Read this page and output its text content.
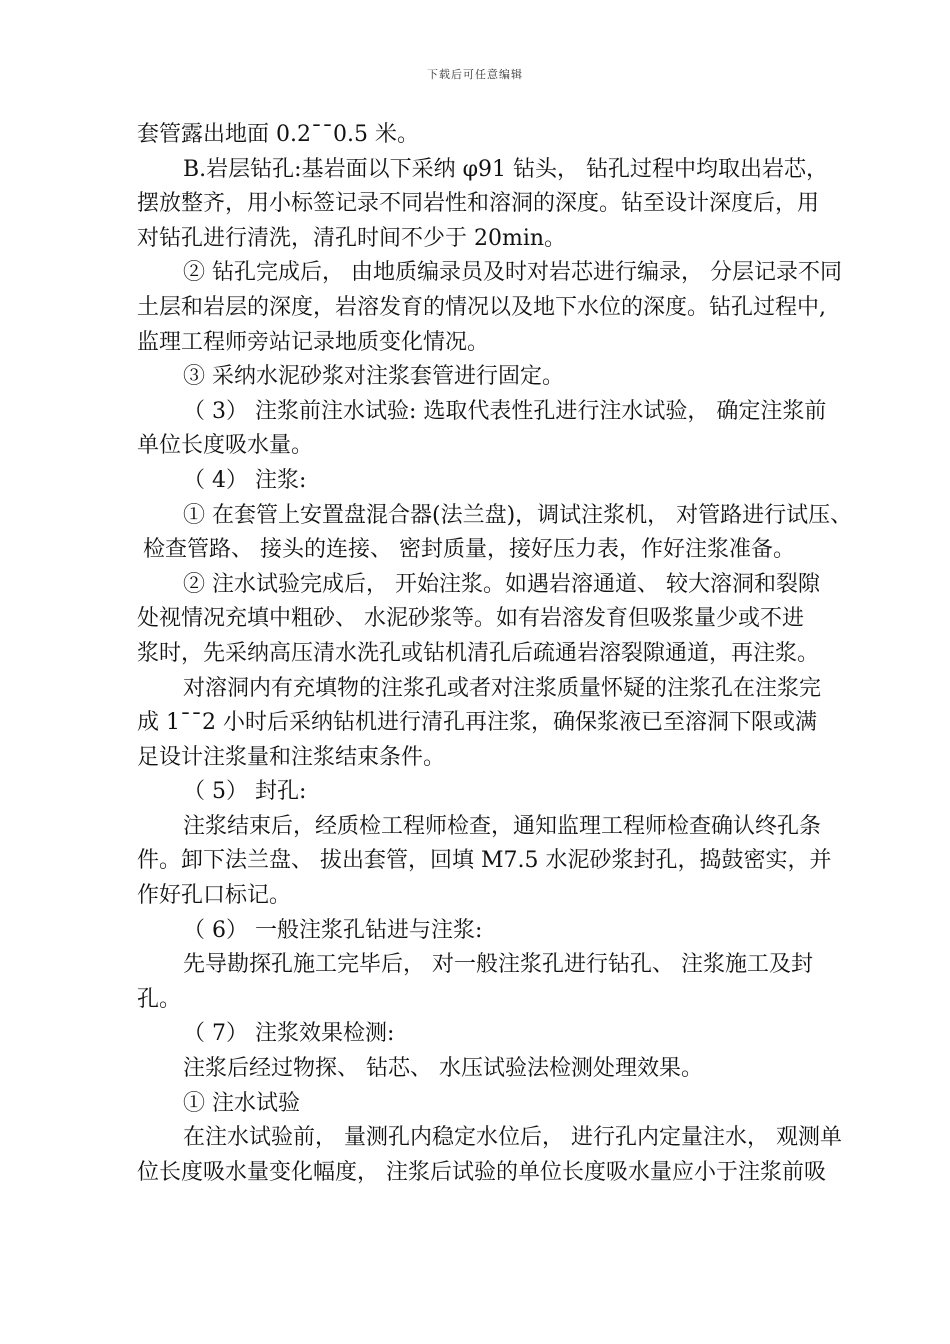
下载后可任意编辑
套管露出地面 0.2¯¯0.5 米。
B.岩层钻孔:基岩面以下采纳 φ91 钻头， 钻孔过程中均取出岩芯，
摆放整齐，用小标签记录不同岩性和溶洞的深度。钻至设计深度后，用
对钻孔进行清洗，清孔时间不少于 20min。
② 钻孔完成后， 由地质编录员及时对岩芯进行编录， 分层记录不同
土层和岩层的深度，岩溶发育的情况以及地下水位的深度。钻孔过程中,
监理工程师旁站记录地质变化情况。
③ 采纳水泥砂浆对注浆套管进行固定。
（ 3） 注浆前注水试验: 选取代表性孔进行注水试验， 确定注浆前
单位长度吸水量。
（ 4） 注浆:
① 在套管上安置盘混合器(法兰盘)，调试注浆机， 对管路进行试压、
检查管路、 接头的连接、 密封质量，接好压力表，作好注浆准备。
② 注水试验完成后， 开始注浆。如遇岩溶通道、 较大溶洞和裂隙
处视情况充填中粗砂、 水泥砂浆等。如有岩溶发育但吸浆量少或不进
浆时，先采纳高压清水洗孔或钻机清孔后疏通岩溶裂隙通道，再注浆。
对溶洞内有充填物的注浆孔或者对注浆质量怀疑的注浆孔在注浆完
成 1¯¯2 小时后采纳钻机进行清孔再注浆，确保浆液已至溶洞下限或满
足设计注浆量和注浆结束条件。
（ 5） 封孔:
注浆结束后，经质检工程师检查，通知监理工程师检查确认终孔条
件。卸下法兰盘、 拔出套管，回填 M7.5 水泥砂浆封孔，捣鼓密实，并
作好孔口标记。
（ 6） 一般注浆孔钻进与注浆:
先导勘探孔施工完毕后， 对一般注浆孔进行钻孔、 注浆施工及封
孔。
（ 7） 注浆效果检测:
注浆后经过物探、 钻芯、 水压试验法检测处理效果。
① 注水试验
在注水试验前， 量测孔内稳定水位后， 进行孔内定量注水， 观测单
位长度吸水量变化幅度， 注浆后试验的单位长度吸水量应小于注浆前吸
